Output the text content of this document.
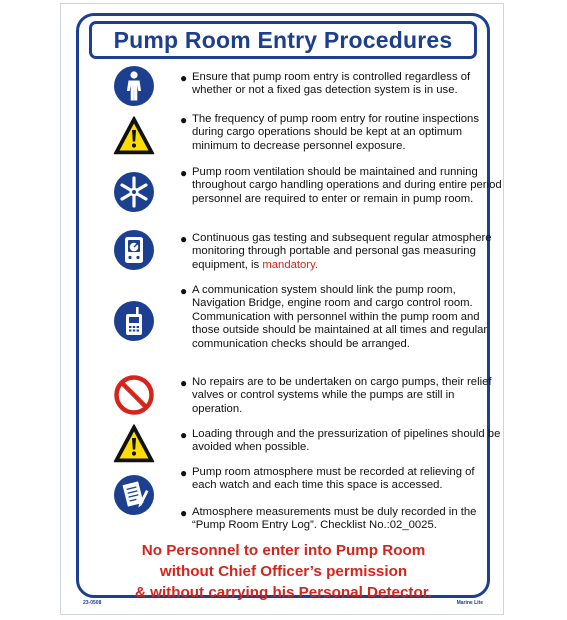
Pump Room Entry Procedures
● Ensure that pump room entry is controlled regardless of whether or not a fixed gas detection system is in use.
● The frequency of pump room entry for routine inspections during cargo operations should be kept at an optimum minimum to decrease personnel exposure.
● Pump room ventilation should be maintained and running throughout cargo handling operations and during entire period personnel are required to enter or remain in pump room.
● Continuous gas testing and subsequent regular atmosphere monitoring through portable and personal gas measuring equipment, is mandatory.
● A communication system should link the pump room, Navigation Bridge, engine room and cargo control room. Communication with personnel within the pump room and those outside should be maintained at all times and regular communication checks should be arranged.
● No repairs are to be undertaken on cargo pumps, their relief valves or control systems while the pumps are still in operation.
● Loading through and the pressurization of pipelines should be avoided when possible.
● Pump room atmosphere must be recorded at relieving of each watch and each time this space is accessed.
● Atmosphere measurements must be duly recorded in the “Pump Room Entry Log”. Checklist No.:02_0025.
No Personnel to enter into Pump Room
without Chief Officer’s permission
& without carrying his Personal Detector.
23-0508	Marine Lite
